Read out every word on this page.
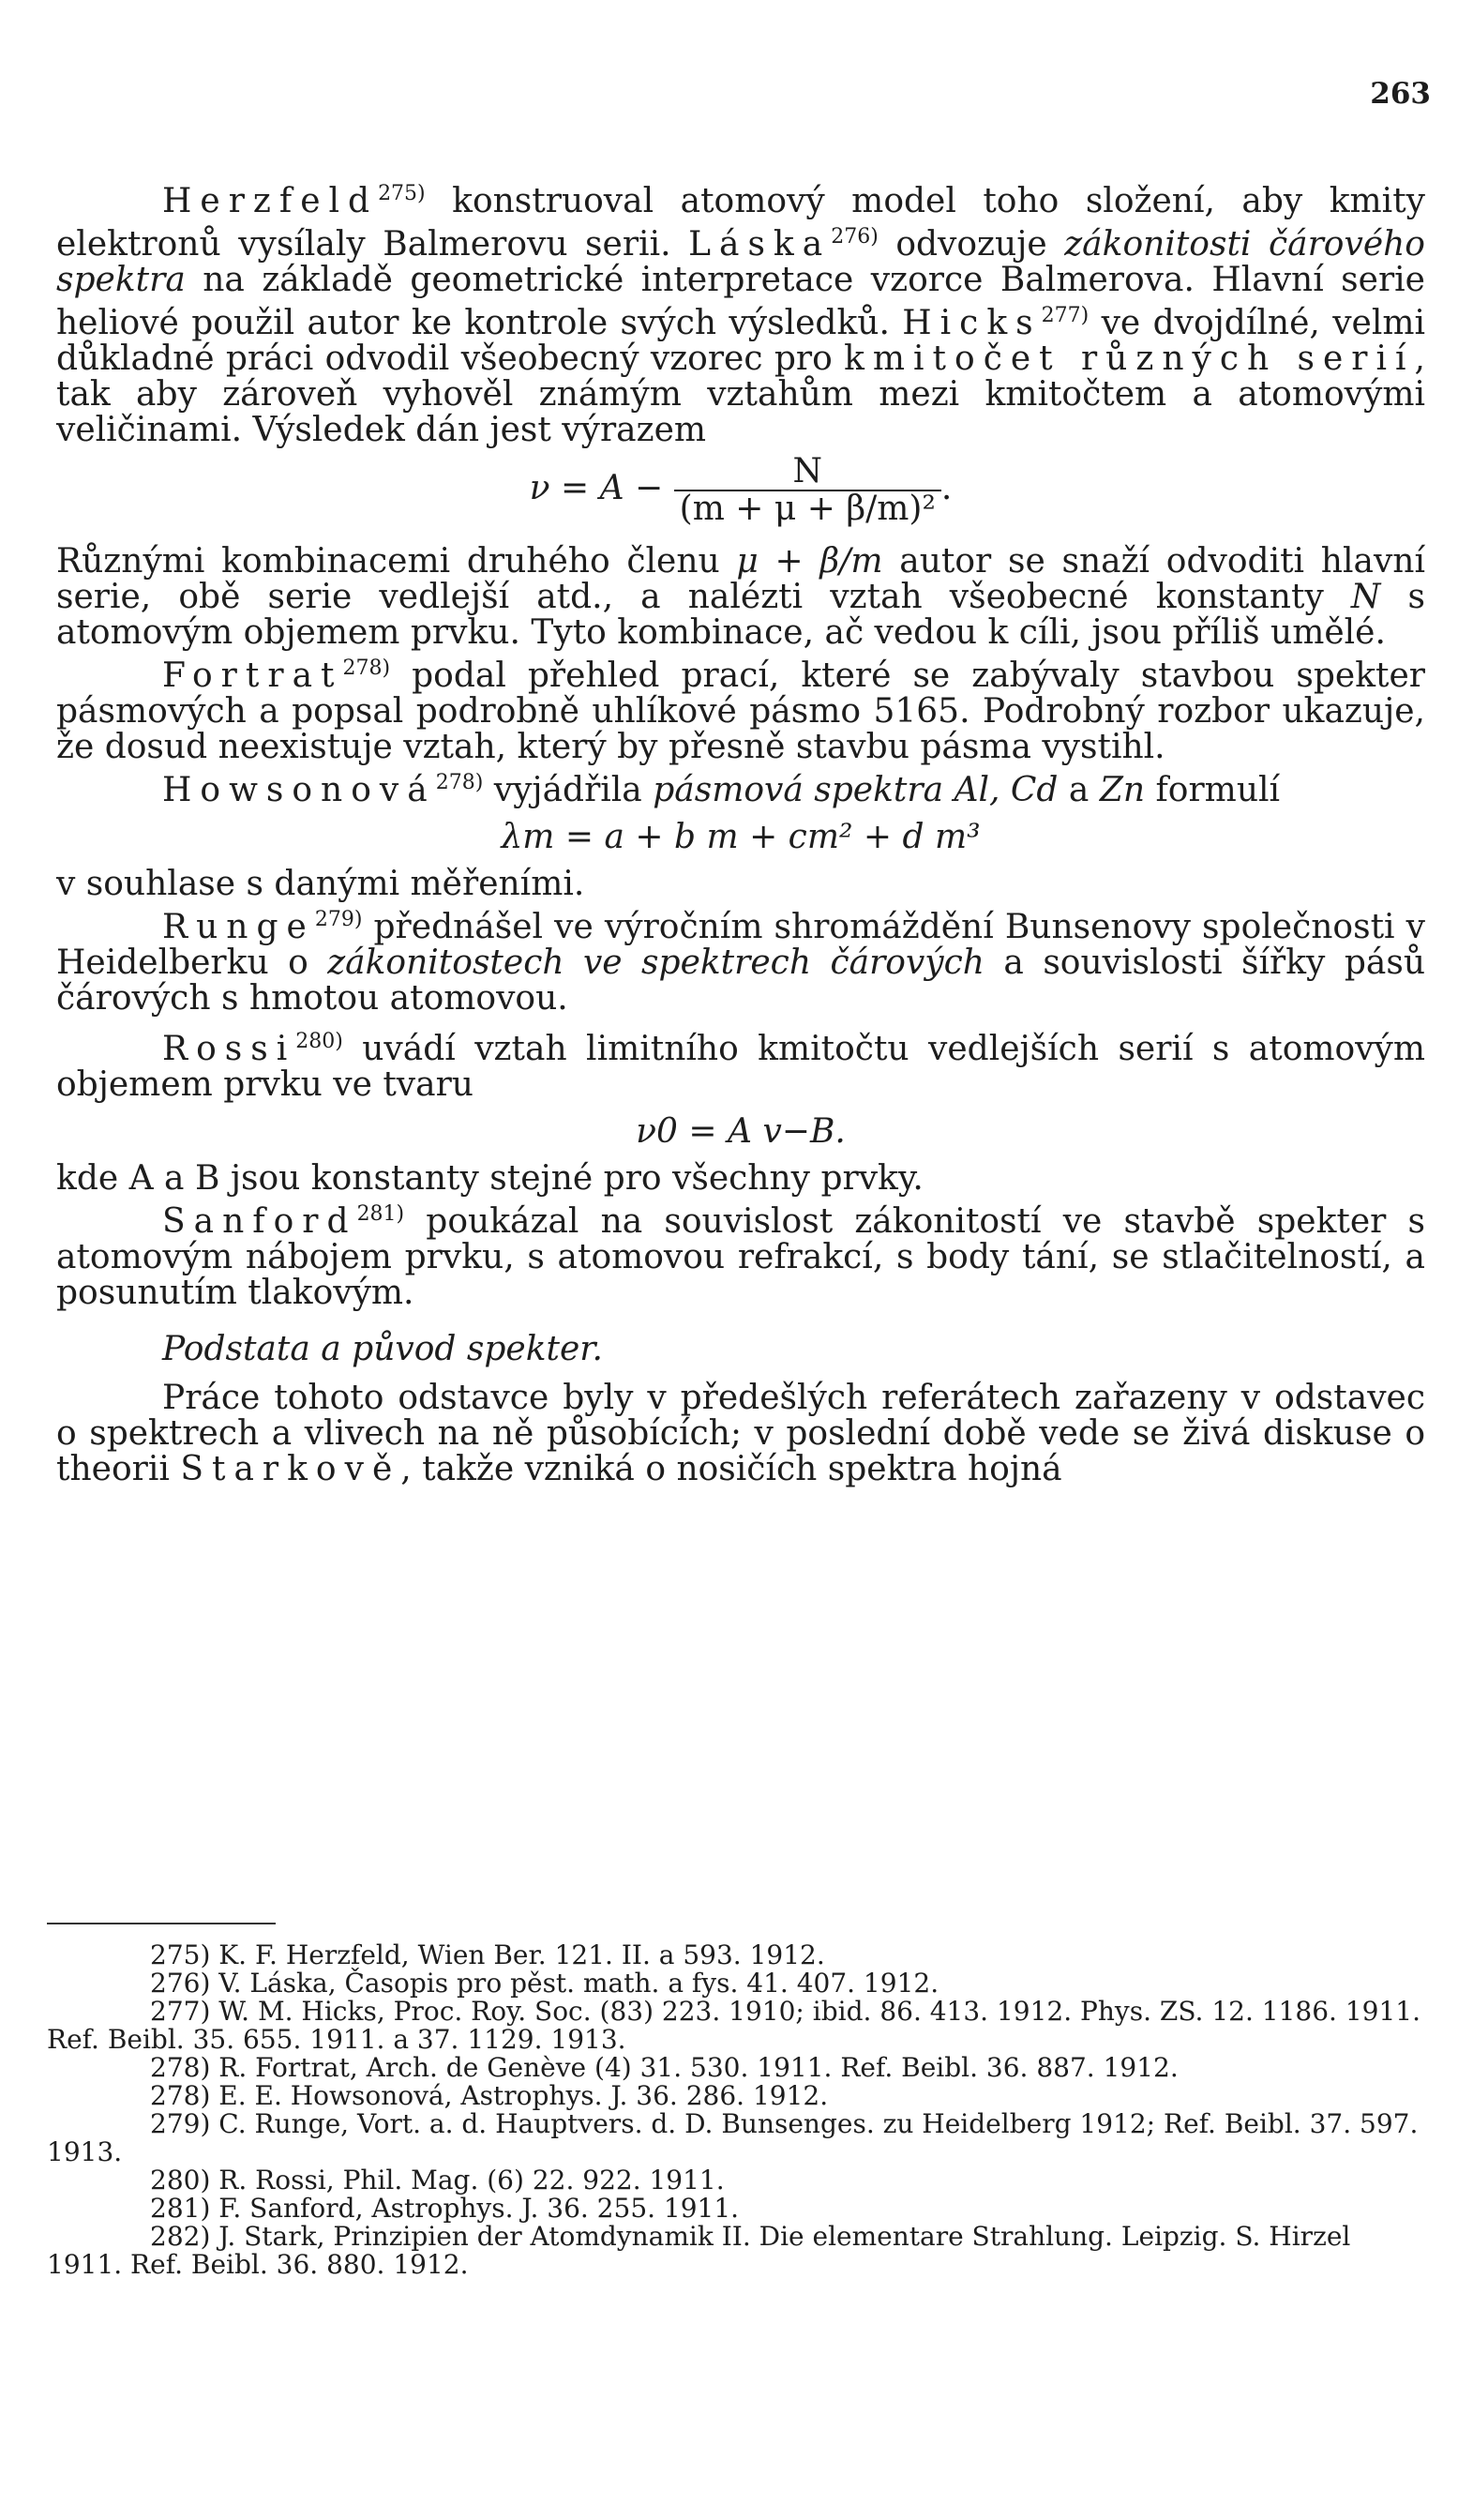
263

Herzfeld$^{275)}$ konstruoval atomový model toho složení, aby kmity elektronů vysílaly Balmerovu serii. Láska$^{276)}$ odvozuje zákonitosti čárového spektra na základě geometrické interpretace vzorce Balmerova. Hlavní serie heliové použil autor ke kontrole svých výsledků. Hicks$^{277)}$ ve dvojdílné, velmi důkladné práci odvodil všeobecný vzorec pro kmitočet různých serií, tak aby zároveň vyhověl známým vztahům mezi kmitočtem a atomovými veličinami. Výsledek dán jest výrazem

$\nu = A - \frac{N}{\text{(m + μ + β/m)²}}$ .

Různými kombinacemi druhého členu μ + β/m autor se snaží odvoditi hlavní serie, obě serie vedlejší atd., a nalézti vztah všeobecné konstanty N s atomovým objemem prvku. Tyto kombinace, ač vedou k cíli, jsou příliš umělé.

Fortrat$^{278)}$ podal přehled prací, které se zabývaly stavbou spekter pásmových a popsal podrobně uhlíkové pásmo 5165. Podrobný rozbor ukazuje, že dosud neexistuje vztah, který by přesně stavbu pásma vystihl.

Howsonová$^{278)}$ vyjádřila pásmová spektra Al, Cd a Zn formulí

λm = a + b m + cm² + d m³

v souhlase s danými měřeními.

Runge$^{279)}$ přednášel ve výročním shromáždění Bunsenovy společnosti v Heidelberku o zákonitostech ve spektrech čárových a souvislosti šířky pásů čárových s hmotou atomovou.

Rossi$^{280)}$ uvádí vztah limitního kmitočtu vedlejších serií s atomovým objemem prvku ve tvaru

ν0 = A v−B.

kde A a B jsou konstanty stejné pro všechny prvky.

Sanford$^{281)}$ poukázal na souvislost zákonitostí ve stavbě spekter s atomovým nábojem prvku, s atomovou refrakcí, s body tání, se stlačitelností, a posunutím tlakovým.

Podstata a původ spekter.

Práce tohoto odstavce byly v předešlých referátech zařazeny v odstavec o spektrech a vlivech na ně působících; v poslední době vede se živá diskuse o theorii Starkově, takže vzniká o nosičích spektra hojná

275) K. F. Herzfeld, Wien Ber. 121. II. a 593. 1912.

276) V. Láska, Časopis pro pěst. math. a fys. 41. 407. 1912.

277) W. M. Hicks, Proc. Roy. Soc. (83) 223. 1910; ibid. 86. 413. 1912. Phys. ZS. 12. 1186. 1911. Ref. Beibl. 35. 655. 1911. a 37. 1129. 1913.

278) R. Fortrat, Arch. de Genève (4) 31. 530. 1911. Ref. Beibl. 36. 887. 1912.

278) E. E. Howsonová, Astrophys. J. 36. 286. 1912.

279) C. Runge, Vort. a. d. Hauptvers. d. D. Bunsenges. zu Heidelberg 1912; Ref. Beibl. 37. 597. 1913.

280) R. Rossi, Phil. Mag. (6) 22. 922. 1911.

281) F. Sanford, Astrophys. J. 36. 255. 1911.

282) J. Stark, Prinzipien der Atomdynamik II. Die elementare Strahlung. Leipzig. S. Hirzel 1911. Ref. Beibl. 36. 880. 1912.
